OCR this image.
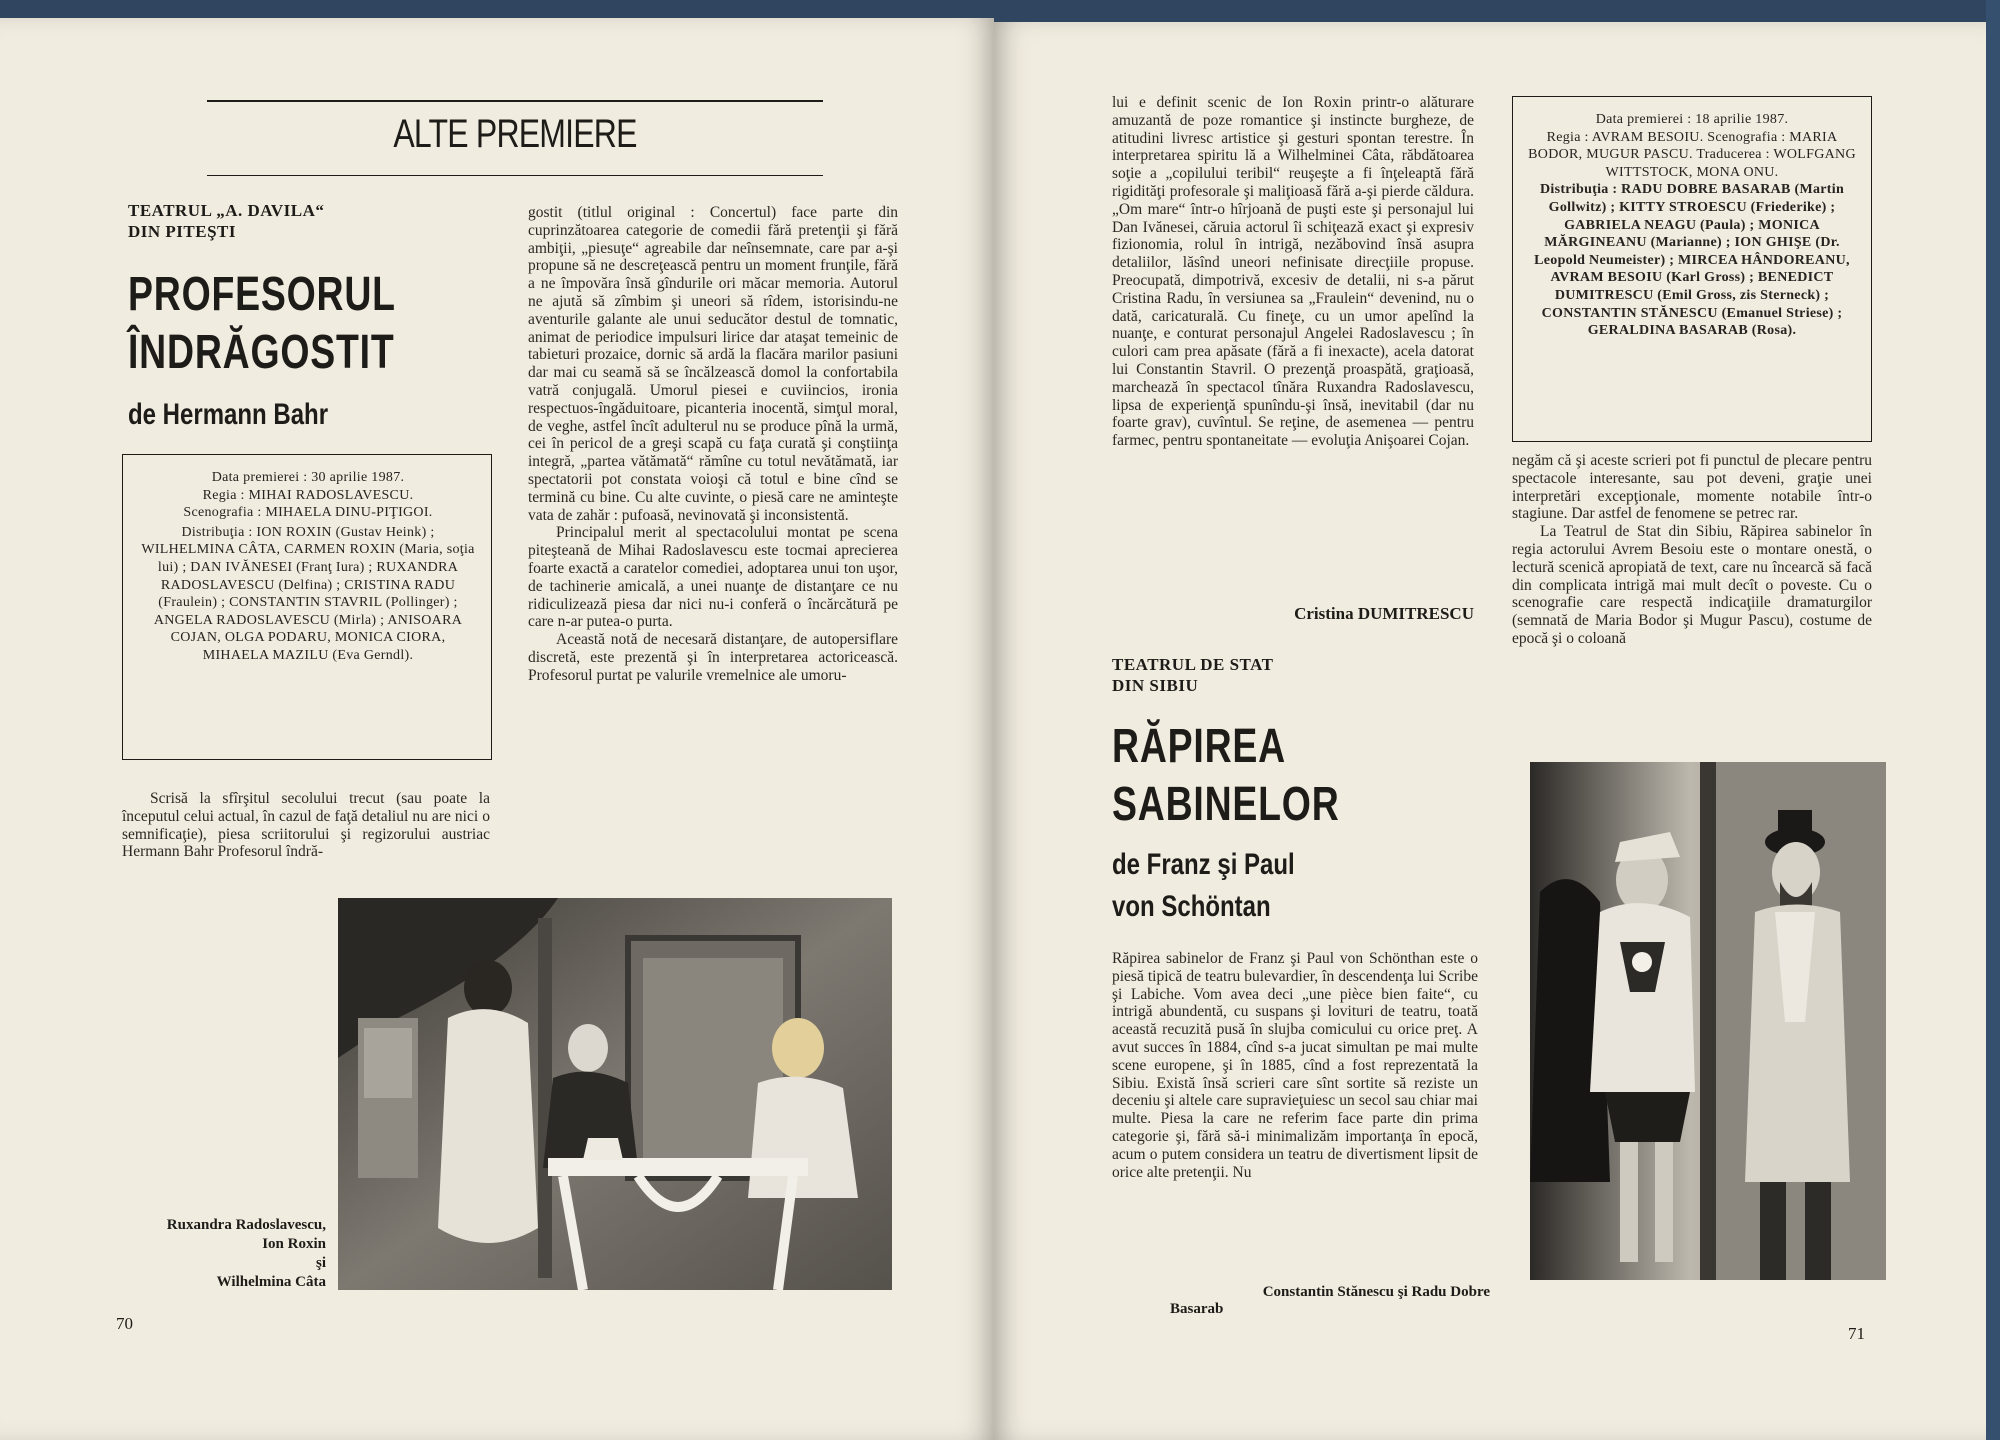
ALTE PREMIERE
TEATRUL „A. DAVILA“
DIN PITEŞTI
PROFESORUL
ÎNDRĂGOSTIT
de Hermann Bahr
Data premierei : 30 aprilie 1987.
Regia : MIHAI RADOSLAVESCU.
Scenografia : MIHAELA DINU-PIŢIGOI.
Distribuţia : ION ROXIN (Gustav Heink) ; WILHELMINA CÂTA, CARMEN ROXIN (Maria, soţia lui) ; DAN IVĂNESEI (Franţ Iura) ; RUXANDRA RADOSLAVESCU (Delfina) ; CRISTINA RADU (Fraulein) ; CONSTANTIN STAVRIL (Pollinger) ; ANGELA RADOSLAVESCU (Mirla) ; ANISOARA COJAN, OLGA PODARU, MONICA CIORA, MIHAELA MAZILU (Eva Gerndl).
Scrisă la sfîrşitul secolului trecut (sau poate la începutul celui actual, în cazul de faţă detaliul nu are nici o semnificaţie), piesa scriitorului şi regizorului austriac Hermann Bahr Profesorul îndră-

gostit (titlul original : Concertul) face parte din cuprinzătoarea categorie de comedii fără pretenţii şi fără ambiţii, „piesuţe“ agreabile dar neînsemnate, care par a-şi propune să ne descreţească pentru un moment frunţile, fără a ne împovăra însă gîndurile ori măcar memoria. Autorul ne ajută să zîmbim şi uneori să rîdem, istorisindu-ne aventurile galante ale unui seducător destul de tomnatic, animat de periodice impulsuri lirice dar ataşat temeinic de tabieturi prozaice, dornic să ardă la flacăra marilor pasiuni dar mai cu seamă să se încălzească domol la confortabila vatră conjugală. Umorul piesei e cuviincios, ironia respectuos-îngăduitoare, picanteria inocentă, simţul moral, de veghe, astfel încît adulterul nu se produce pînă la urmă, cei în pericol de a greşi scapă cu faţa curată şi conştiinţa integră, „partea vătămată“ rămîne cu totul nevătămată, iar spectatorii pot constata voioşi că totul e bine cînd se termină cu bine. Cu alte cuvinte, o piesă care ne aminteşte vata de zahăr : pufoasă, nevinovată şi inconsistentă.

Principalul merit al spectacolului montat pe scena piteşteană de Mihai Radoslavescu este tocmai aprecierea foarte exactă a caratelor comediei, adoptarea unui ton uşor, de tachinerie amicală, a unei nuanţe de distanţare ce nu ridiculizează piesa dar nici nu-i conferă o încărcătură pe care n-ar putea-o purta.

Această notă de necesară distanţare, de autopersiflare discretă, este prezentă şi în interpretarea actoricească. Profesorul purtat pe valurile vremelnice ale umoru-

Ruxandra Radoslavescu,
Ion Roxin
şi
Wilhelmina Câta
70
lui e definit scenic de Ion Roxin printr-o alăturare amuzantă de poze romantice şi instincte burgheze, de atitudini livresc artistice şi gesturi spontan terestre. În interpretarea spiritu lă a Wilhelminei Câta, răbdătoarea soţie a „copilului teribil“ reuşeşte a fi înţeleaptă fără rigidităţi profesorale şi maliţioasă fără a-şi pierde căldura. „Om mare“ într-o hîrjoană de puşti este şi personajul lui Dan Ivănesei, căruia actorul îi schiţează exact şi expresiv fizionomia, rolul în intrigă, nezăbovind însă asupra detaliilor, lăsînd uneori nefinisate direcţiile propuse. Preocupată, dimpotrivă, excesiv de detalii, ni s-a părut Cristina Radu, în versiunea sa „Fraulein“ devenind, nu o dată, caricaturală. Cu fineţe, cu un umor apelînd la nuanţe, e conturat personajul Angelei Radoslavescu ; în culori cam prea apăsate (fără a fi inexacte), acela datorat lui Constantin Stavril. O prezenţă proaspătă, graţioasă, marchează în spectacol tînăra Ruxandra Radoslavescu, lipsa de experienţă spunîndu-şi însă, inevitabil (dar nu foarte grav), cuvîntul. Se reţine, de asemenea — pentru farmec, pentru spontaneitate — evoluţia Anişoarei Cojan.
Cristina DUMITRESCU
TEATRUL DE STAT
DIN SIBIU
RĂPIREA
SABINELOR
de Franz şi Paul
von Schöntan
Răpirea sabinelor de Franz şi Paul von Schönthan este o piesă tipică de teatru bulevardier, în descendenţa lui Scribe şi Labiche. Vom avea deci „une pièce bien faite“, cu intrigă abundentă, cu suspans şi lovituri de teatru, toată această recuzită pusă în slujba comicului cu orice preţ. A avut succes în 1884, cînd s-a jucat simultan pe mai multe scene europene, şi în 1885, cînd a fost reprezentată la Sibiu. Există însă scrieri care sînt sortite să reziste un deceniu şi altele care supravieţuiesc un secol sau chiar mai multe. Piesa la care ne referim face parte din prima categorie şi, fără să-i minimalizăm importanţa în epocă, acum o putem considera un teatru de divertisment lipsit de orice alte pretenţii. Nu
Constantin Stănescu şi Radu Dobre
Basarab
Data premierei : 18 aprilie 1987.
Regia : AVRAM BESOIU. Scenografia : MARIA BODOR, MUGUR PASCU. Traducerea : WOLFGANG WITTSTOCK, MONA ONU.
Distribuţia : RADU DOBRE BASARAB (Martin Gollwitz) ; KITTY STROESCU (Friederike) ; GABRIELA NEAGU (Paula) ; MONICA MĂRGINEANU (Marianne) ; ION GHIŞE (Dr. Leopold Neumeister) ; MIRCEA HÂNDOREANU, AVRAM BESOIU (Karl Gross) ; BENEDICT DUMITRESCU (Emil Gross, zis Sterneck) ; CONSTANTIN STĂNESCU (Emanuel Striese) ; GERALDINA BASARAB (Rosa).

negăm că şi aceste scrieri pot fi punctul de plecare pentru spectacole interesante, sau pot deveni, graţie unei interpretări excepţionale, momente notabile într-o stagiune. Dar astfel de fenomene se petrec rar.

La Teatrul de Stat din Sibiu, Răpirea sabinelor în regia actorului Avrem Besoiu este o montare onestă, o lectură scenică apropiată de text, care nu încearcă să facă din complicata intrigă mai mult decît o poveste. Cu o scenografie care respectă indicaţiile dramaturgilor (semnată de Maria Bodor şi Mugur Pascu), costume de epocă şi o coloană

71
